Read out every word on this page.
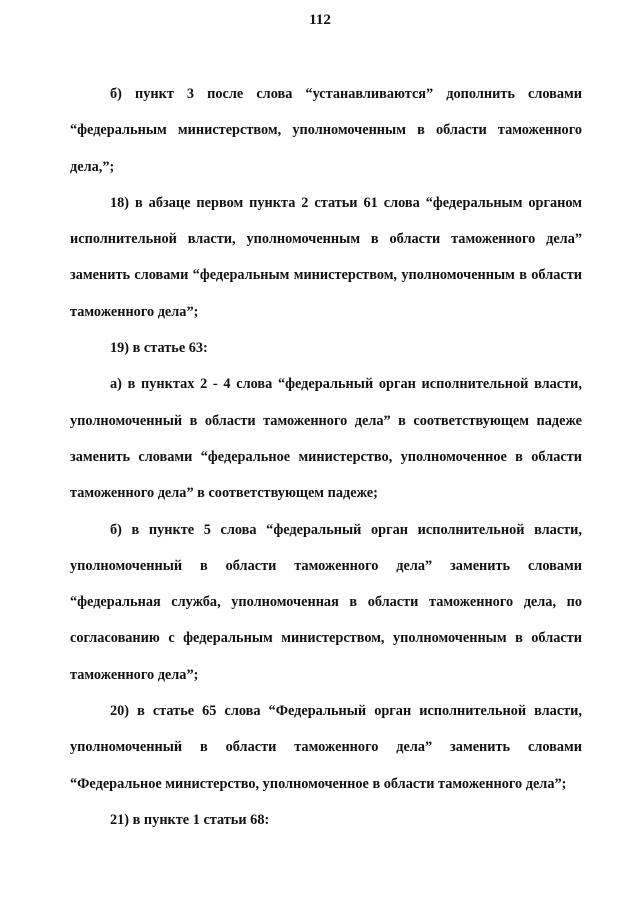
112

б) пункт 3 после слова “устанавливаются” дополнить словами “федеральным министерством, уполномоченным в области таможенного дела,”;

18) в абзаце первом пункта 2 статьи 61 слова “федеральным органом исполнительной власти, уполномоченным в области таможенного дела” заменить словами “федеральным министерством, уполномоченным в области таможенного дела”;

19) в статье 63:

а) в пунктах 2 - 4 слова “федеральный орган исполнительной власти, уполномоченный в области таможенного дела” в соответствующем падеже заменить словами “федеральное министерство, уполномоченное в области таможенного дела” в соответствующем падеже;

б) в пункте 5 слова “федеральный орган исполнительной власти, уполномоченный в области таможенного дела” заменить словами “федеральная служба, уполномоченная в области таможенного дела, по согласованию с федеральным министерством, уполномоченным в области таможенного дела”;

20) в статье 65 слова “Федеральный орган исполнительной власти, уполномоченный в области таможенного дела” заменить словами “Федеральное министерство, уполномоченное в области таможенного дела”;

21) в пункте 1 статьи 68:
